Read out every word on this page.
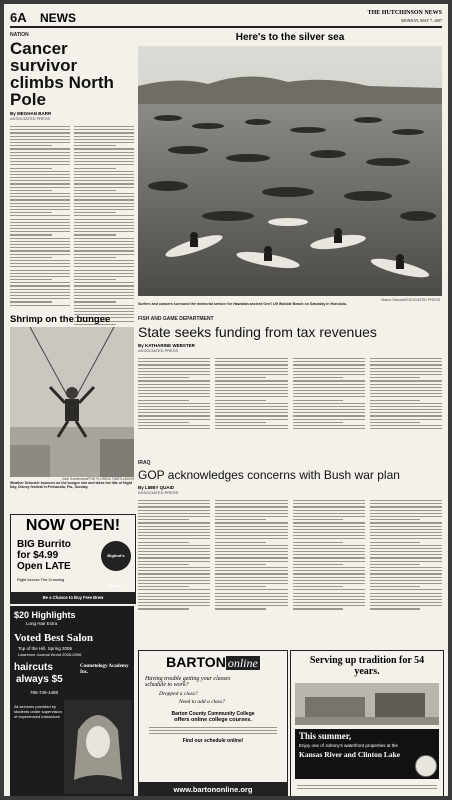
6A NEWS	THE HUTCHINSON NEWS
MONDAY, MAY 7, 2007
NATION
Cancer survivor climbs North Pole
By MEGHAN BARR
ASSOCIATED PRESS
Here's to the silver sea
Marco Garcia/ASSOCIATED PRESS
Surfers and canoers surround the memorial service for Hawaiian ancient Gen'l Ulf Wobble Beach on Saturday in Honolulu.
Shrimp on the bungee
John Sunderland/THE FLORIDA TIMES-UNION
Weather Schuster bounces on the bungee ride and takes the title of Night Day, Disney festival in Pensacola, Fla., Sunday.
FISH AND GAME DEPARTMENT
State seeks funding from tax revenues
By KATHARINE WEBSTER
ASSOCIATED PRESS
IRAQ
GOP acknowledges concerns with Bush war plan
By LIBBY QUAID
ASSOCIATED PRESS
NOW OPEN!
BIG Burrito
for $4.99
Open LATE
Bigfoot's Burrito
Right Across The Crossing
Be a Chance to Buy Free Brew
$20 Highlights
Long Hair Extra
Voted Best Salon
Top of the Hill, Spring 2006
Lawrence Journal World 2005-2006
haircuts
always $5
Cosmetology Academy Inc.
785-749-1488
All services provided by students under supervision of experienced instructors
BARTON online
Having trouble getting your classes
schedule to work?
Dropped a class?
Need to add a class?
Barton County Community College
offers online college courses.
Find our schedule online!
www.bartononline.org
Serving up tradition for 54 years.
This summer,
Enjoy one of Johnny's waterfront properties at the
Kansas River and Clinton Lake
